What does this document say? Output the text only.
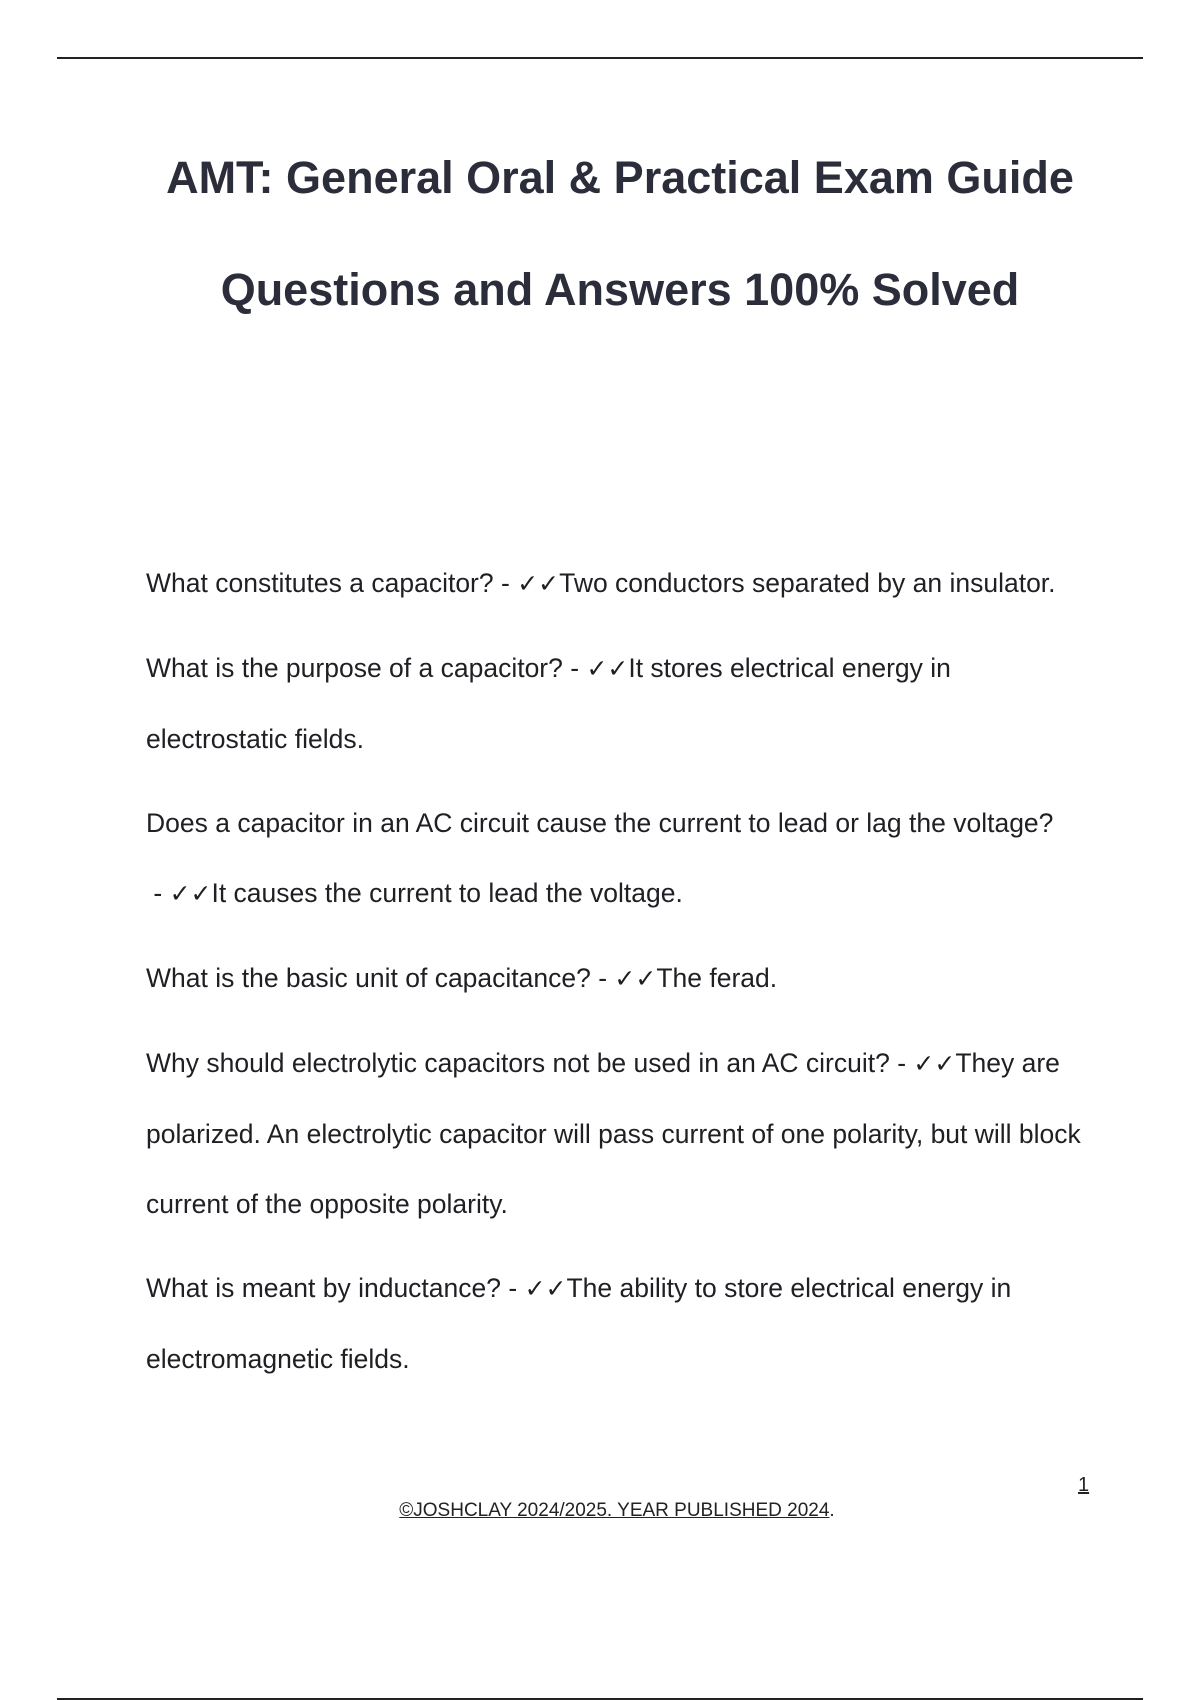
AMT: General Oral & Practical Exam Guide Questions and Answers 100% Solved

What constitutes a capacitor? - ✓✓Two conductors separated by an insulator.

What is the purpose of a capacitor? - ✓✓It stores electrical energy in electrostatic fields.

Does a capacitor in an AC circuit cause the current to lead or lag the voltage? - ✓✓It causes the current to lead the voltage.

What is the basic unit of capacitance? - ✓✓The ferad.

Why should electrolytic capacitors not be used in an AC circuit? - ✓✓They are polarized. An electrolytic capacitor will pass current of one polarity, but will block current of the opposite polarity.

What is meant by inductance? - ✓✓The ability to store electrical energy in electromagnetic fields.

1
©JOSHCLAY 2024/2025. YEAR PUBLISHED 2024.
